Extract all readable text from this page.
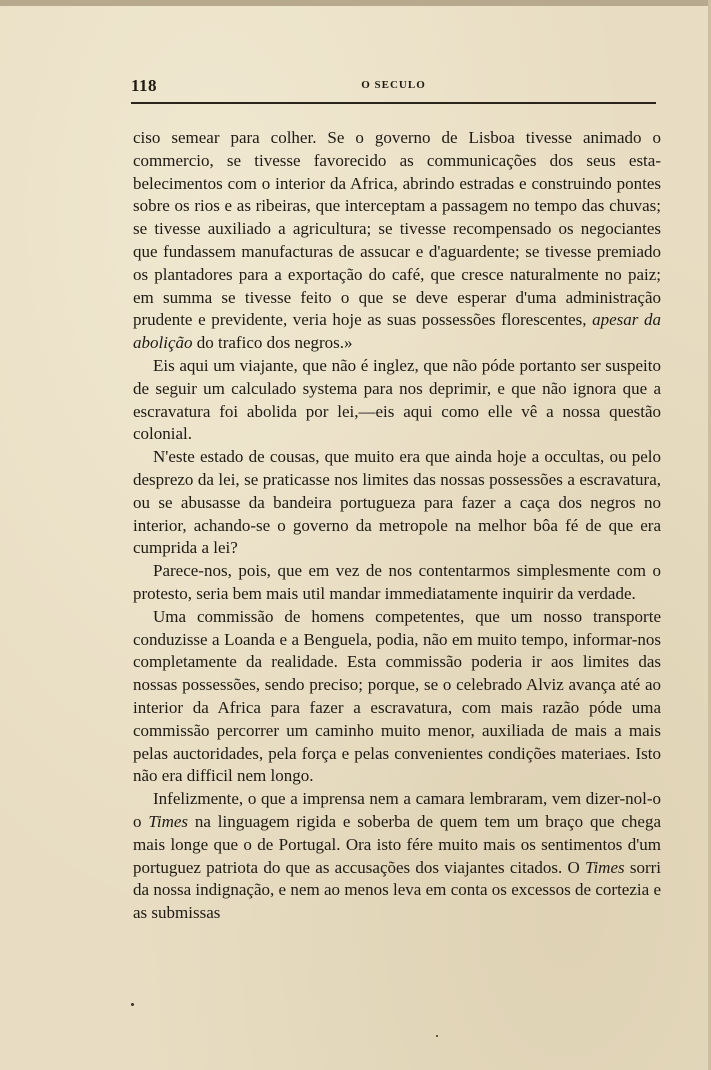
118	O SECULO

ciso semear para colher. Se o governo de Lisboa tivesse animado o commercio, se tivesse favorecido as communicações dos seus estabelecimentos com o interior da Africa, abrindo estradas e construindo pontes sobre os rios e as ribeiras, que interceptam a passagem no tempo das chuvas; se tivesse auxiliado a agricultura; se tivesse recompensado os negociantes que fundassem manufacturas de assucar e d'aguardente; se tivesse premiado os plantadores para a exportação do café, que cresce naturalmente no paiz; em summa se tivesse feito o que se deve esperar d'uma administração prudente e previdente, veria hoje as suas possessões florescentes, apesar da abolição do trafico dos negros.»

Eis aqui um viajante, que não é inglez, que não póde portanto ser suspeito de seguir um calculado systema para nos deprimir, e que não ignora que a escravatura foi abolida por lei,—eis aqui como elle vê a nossa questão colonial.

N'este estado de cousas, que muito era que ainda hoje a occultas, ou pelo desprezo da lei, se praticasse nos limites das nossas possessões a escravatura, ou se abusasse da bandeira portugueza para fazer a caça dos negros no interior, achando-se o governo da metropole na melhor bôa fé de que era cumprida a lei?

Parece-nos, pois, que em vez de nos contentarmos simplesmente com o protesto, seria bem mais util mandar immediatamente inquirir da verdade.

Uma commissão de homens competentes, que um nosso transporte conduzisse a Loanda e a Benguela, podia, não em muito tempo, informar-nos completamente da realidade. Esta commissão poderia ir aos limites das nossas possessões, sendo preciso; porque, se o celebrado Alviz avança até ao interior da Africa para fazer a escravatura, com mais razão póde uma commissão percorrer um caminho muito menor, auxiliada de mais a mais pelas auctoridades, pela força e pelas convenientes condições materiaes. Isto não era difficil nem longo.

Infelizmente, o que a imprensa nem a camara lembraram, vem dizer-nol-o o Times na linguagem rigida e soberba de quem tem um braço que chega mais longe que o de Portugal. Ora isto fére muito mais os sentimentos d'um portuguez patriota do que as accusações dos viajantes citados. O Times sorri da nossa indignação, e nem ao menos leva em conta os excessos de cortezia e as submissas
